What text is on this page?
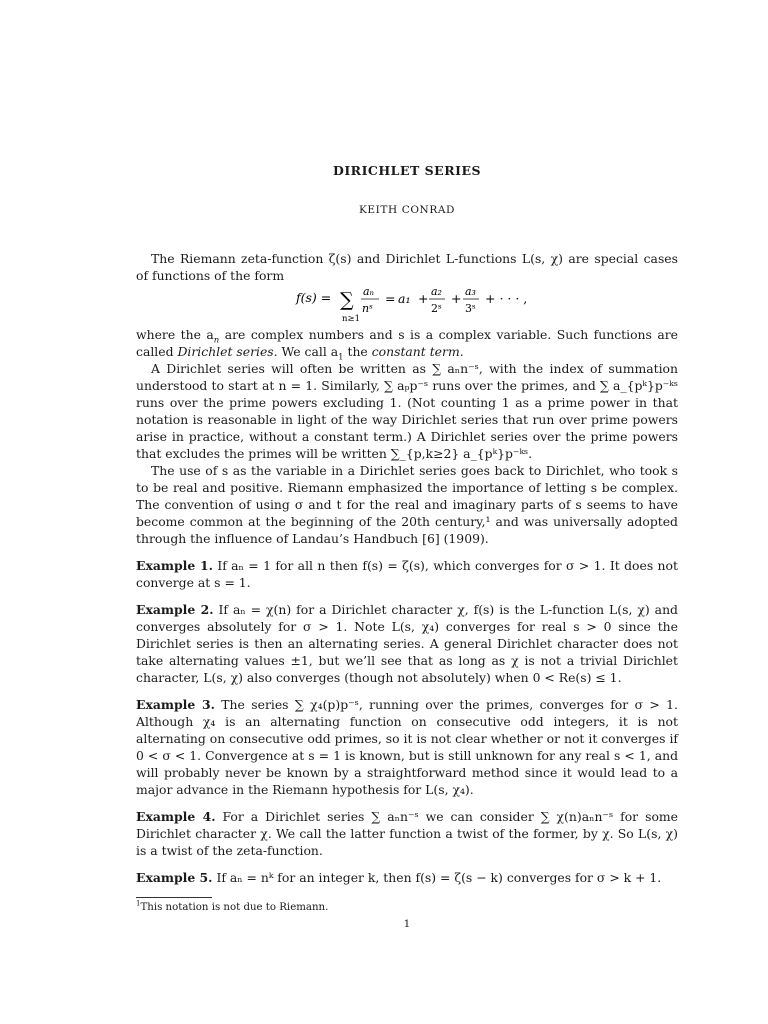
DIRICHLET SERIES
KEITH CONRAD

The Riemann zeta-function ζ(s) and Dirichlet L-functions L(s, χ) are special cases of functions of the form

f(s) = ∑
n≥1
aₙ
nˢ
= a₁ + a₂
2ˢ
+ a₃
3ˢ
+ · · · ,

where the $a_n$ are complex numbers and s is a complex variable. Such functions are called Dirichlet series. We call $a_1$ the constant term.

A Dirichlet series will often be written as ∑ aₙn⁻ˢ, with the index of summation understood to start at n = 1. Similarly, ∑ aₚp⁻ˢ runs over the primes, and ∑ a_{pᵏ}p⁻ᵏˢ runs over the prime powers excluding 1. (Not counting 1 as a prime power in that notation is reasonable in light of the way Dirichlet series that run over prime powers arise in practice, without a constant term.) A Dirichlet series over the prime powers that excludes the primes will be written ∑_{p,k≥2} a_{pᵏ}p⁻ᵏˢ.

The use of s as the variable in a Dirichlet series goes back to Dirichlet, who took s to be real and positive. Riemann emphasized the importance of letting s be complex. The convention of using σ and t for the real and imaginary parts of s seems to have become common at the beginning of the 20th century,¹ and was universally adopted through the influence of Landau’s Handbuch [6] (1909).

Example 1. If aₙ = 1 for all n then f(s) = ζ(s), which converges for σ > 1. It does not converge at s = 1.

Example 2. If aₙ = χ(n) for a Dirichlet character χ, f(s) is the L-function L(s, χ) and converges absolutely for σ > 1. Note L(s, χ₄) converges for real s > 0 since the Dirichlet series is then an alternating series. A general Dirichlet character does not take alternating values ±1, but we’ll see that as long as χ is not a trivial Dirichlet character, L(s, χ) also converges (though not absolutely) when 0 < Re(s) ≤ 1.

Example 3. The series ∑ χ₄(p)p⁻ˢ, running over the primes, converges for σ > 1. Although χ₄ is an alternating function on consecutive odd integers, it is not alternating on consecutive odd primes, so it is not clear whether or not it converges if 0 < σ < 1. Convergence at s = 1 is known, but is still unknown for any real s < 1, and will probably never be known by a straightforward method since it would lead to a major advance in the Riemann hypothesis for L(s, χ₄).

Example 4. For a Dirichlet series ∑ aₙn⁻ˢ we can consider ∑ χ(n)aₙn⁻ˢ for some Dirichlet character χ. We call the latter function a twist of the former, by χ. So L(s, χ) is a twist of the zeta-function.

Example 5. If aₙ = nᵏ for an integer k, then f(s) = ζ(s − k) converges for σ > k + 1.

$^1$This notation is not due to Riemann.
1
